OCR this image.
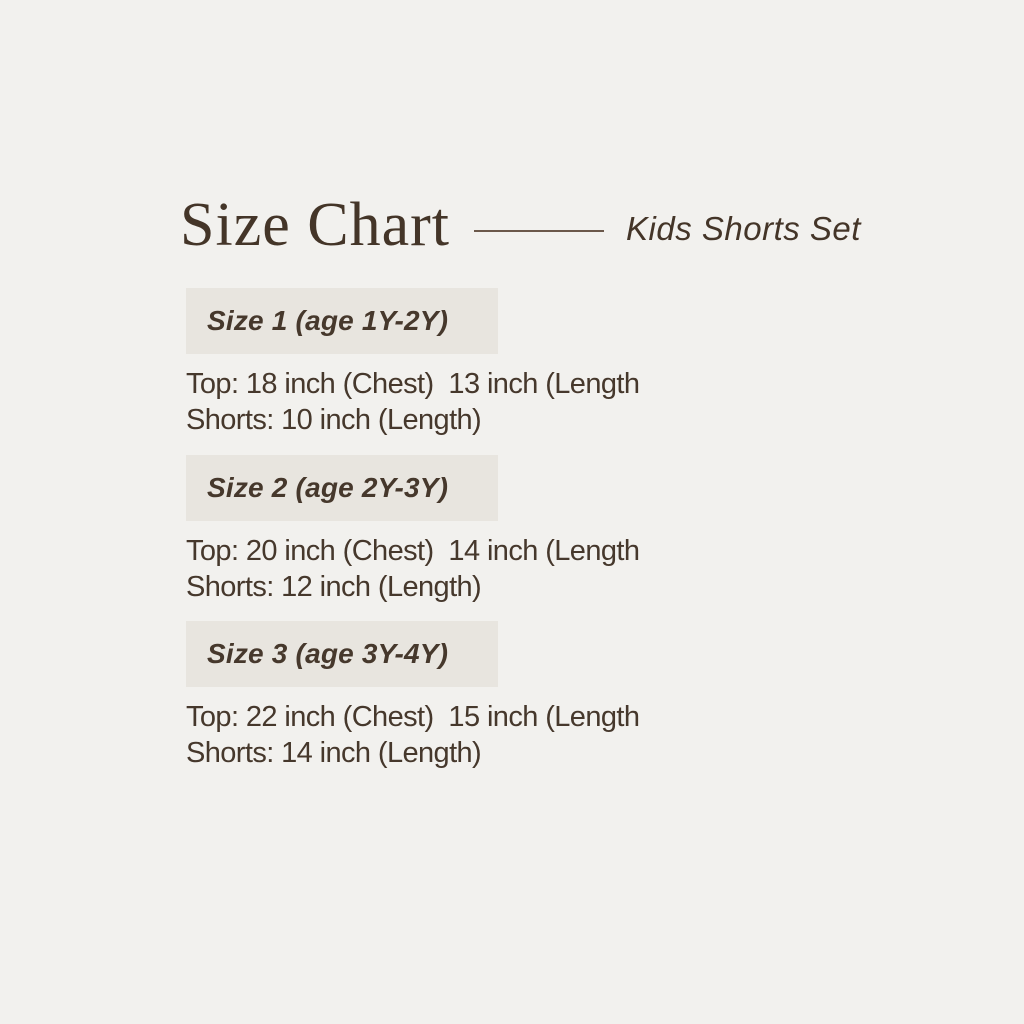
Size Chart	Kids Shorts Set
Size 1 (age 1Y-2Y)

Top: 18 inch (Chest)  13 inch (Length

Shorts: 10 inch (Length)

Size 2 (age 2Y-3Y)

Top: 20 inch (Chest)  14 inch (Length

Shorts: 12 inch (Length)

Size 3 (age 3Y-4Y)

Top: 22 inch (Chest)  15 inch (Length

Shorts: 14 inch (Length)
